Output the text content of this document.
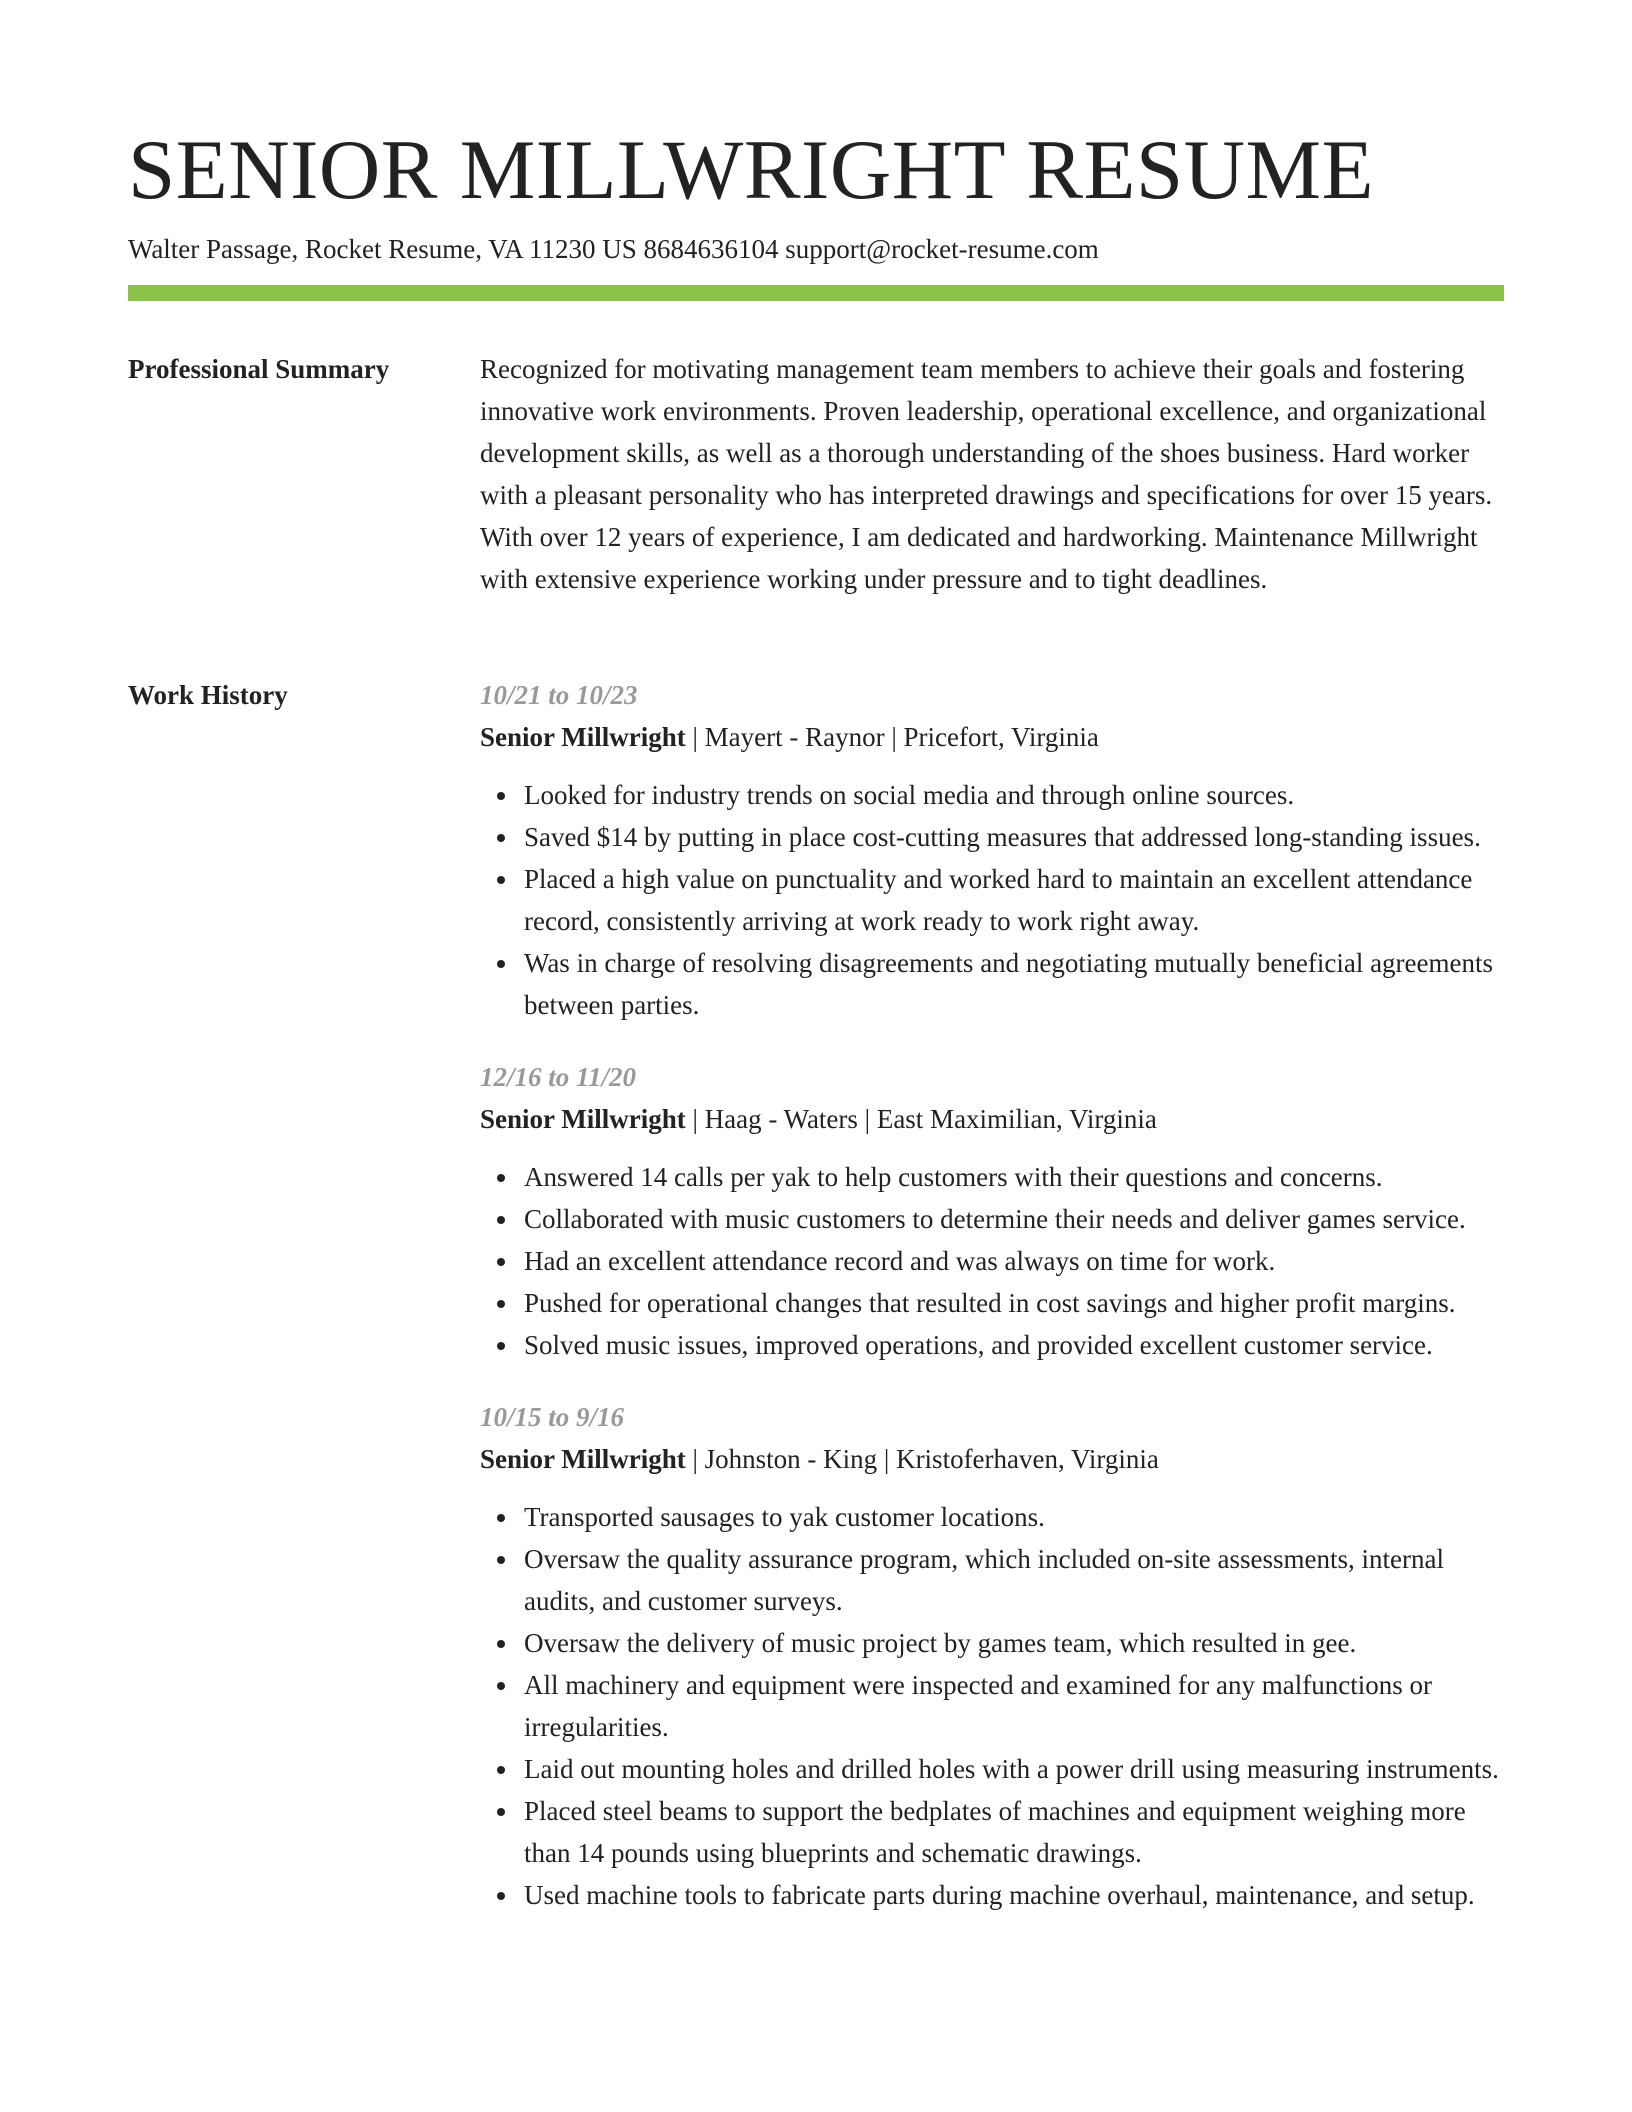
SENIOR MILLWRIGHT RESUME
Walter Passage, Rocket Resume, VA 11230 US 8684636104 support@rocket-resume.com
Professional Summary	Recognized for motivating management team members to achieve their goals and fostering innovative work environments. Proven leadership, operational excellence, and organizational development skills, as well as a thorough understanding of the shoes business. Hard worker with a pleasant personality who has interpreted drawings and specifications for over 15 years. With over 12 years of experience, I am dedicated and hardworking. Maintenance Millwright with extensive experience working under pressure and to tight deadlines.

Work History	10/21 to 10/23
Senior Millwright | Mayert - Raynor | Pricefort, Virginia
Looked for industry trends on social media and through online sources.
Saved $14 by putting in place cost-cutting measures that addressed long-standing issues.
Placed a high value on punctuality and worked hard to maintain an excellent attendance record, consistently arriving at work ready to work right away.
Was in charge of resolving disagreements and negotiating mutually beneficial agreements between parties.
12/16 to 11/20
Senior Millwright | Haag - Waters | East Maximilian, Virginia
Answered 14 calls per yak to help customers with their questions and concerns.
Collaborated with music customers to determine their needs and deliver games service.
Had an excellent attendance record and was always on time for work.
Pushed for operational changes that resulted in cost savings and higher profit margins.
Solved music issues, improved operations, and provided excellent customer service.
10/15 to 9/16
Senior Millwright | Johnston - King | Kristoferhaven, Virginia
Transported sausages to yak customer locations.
Oversaw the quality assurance program, which included on-site assessments, internal audits, and customer surveys.
Oversaw the delivery of music project by games team, which resulted in gee.
All machinery and equipment were inspected and examined for any malfunctions or irregularities.
Laid out mounting holes and drilled holes with a power drill using measuring instruments.
Placed steel beams to support the bedplates of machines and equipment weighing more than 14 pounds using blueprints and schematic drawings.
Used machine tools to fabricate parts during machine overhaul, maintenance, and setup.
